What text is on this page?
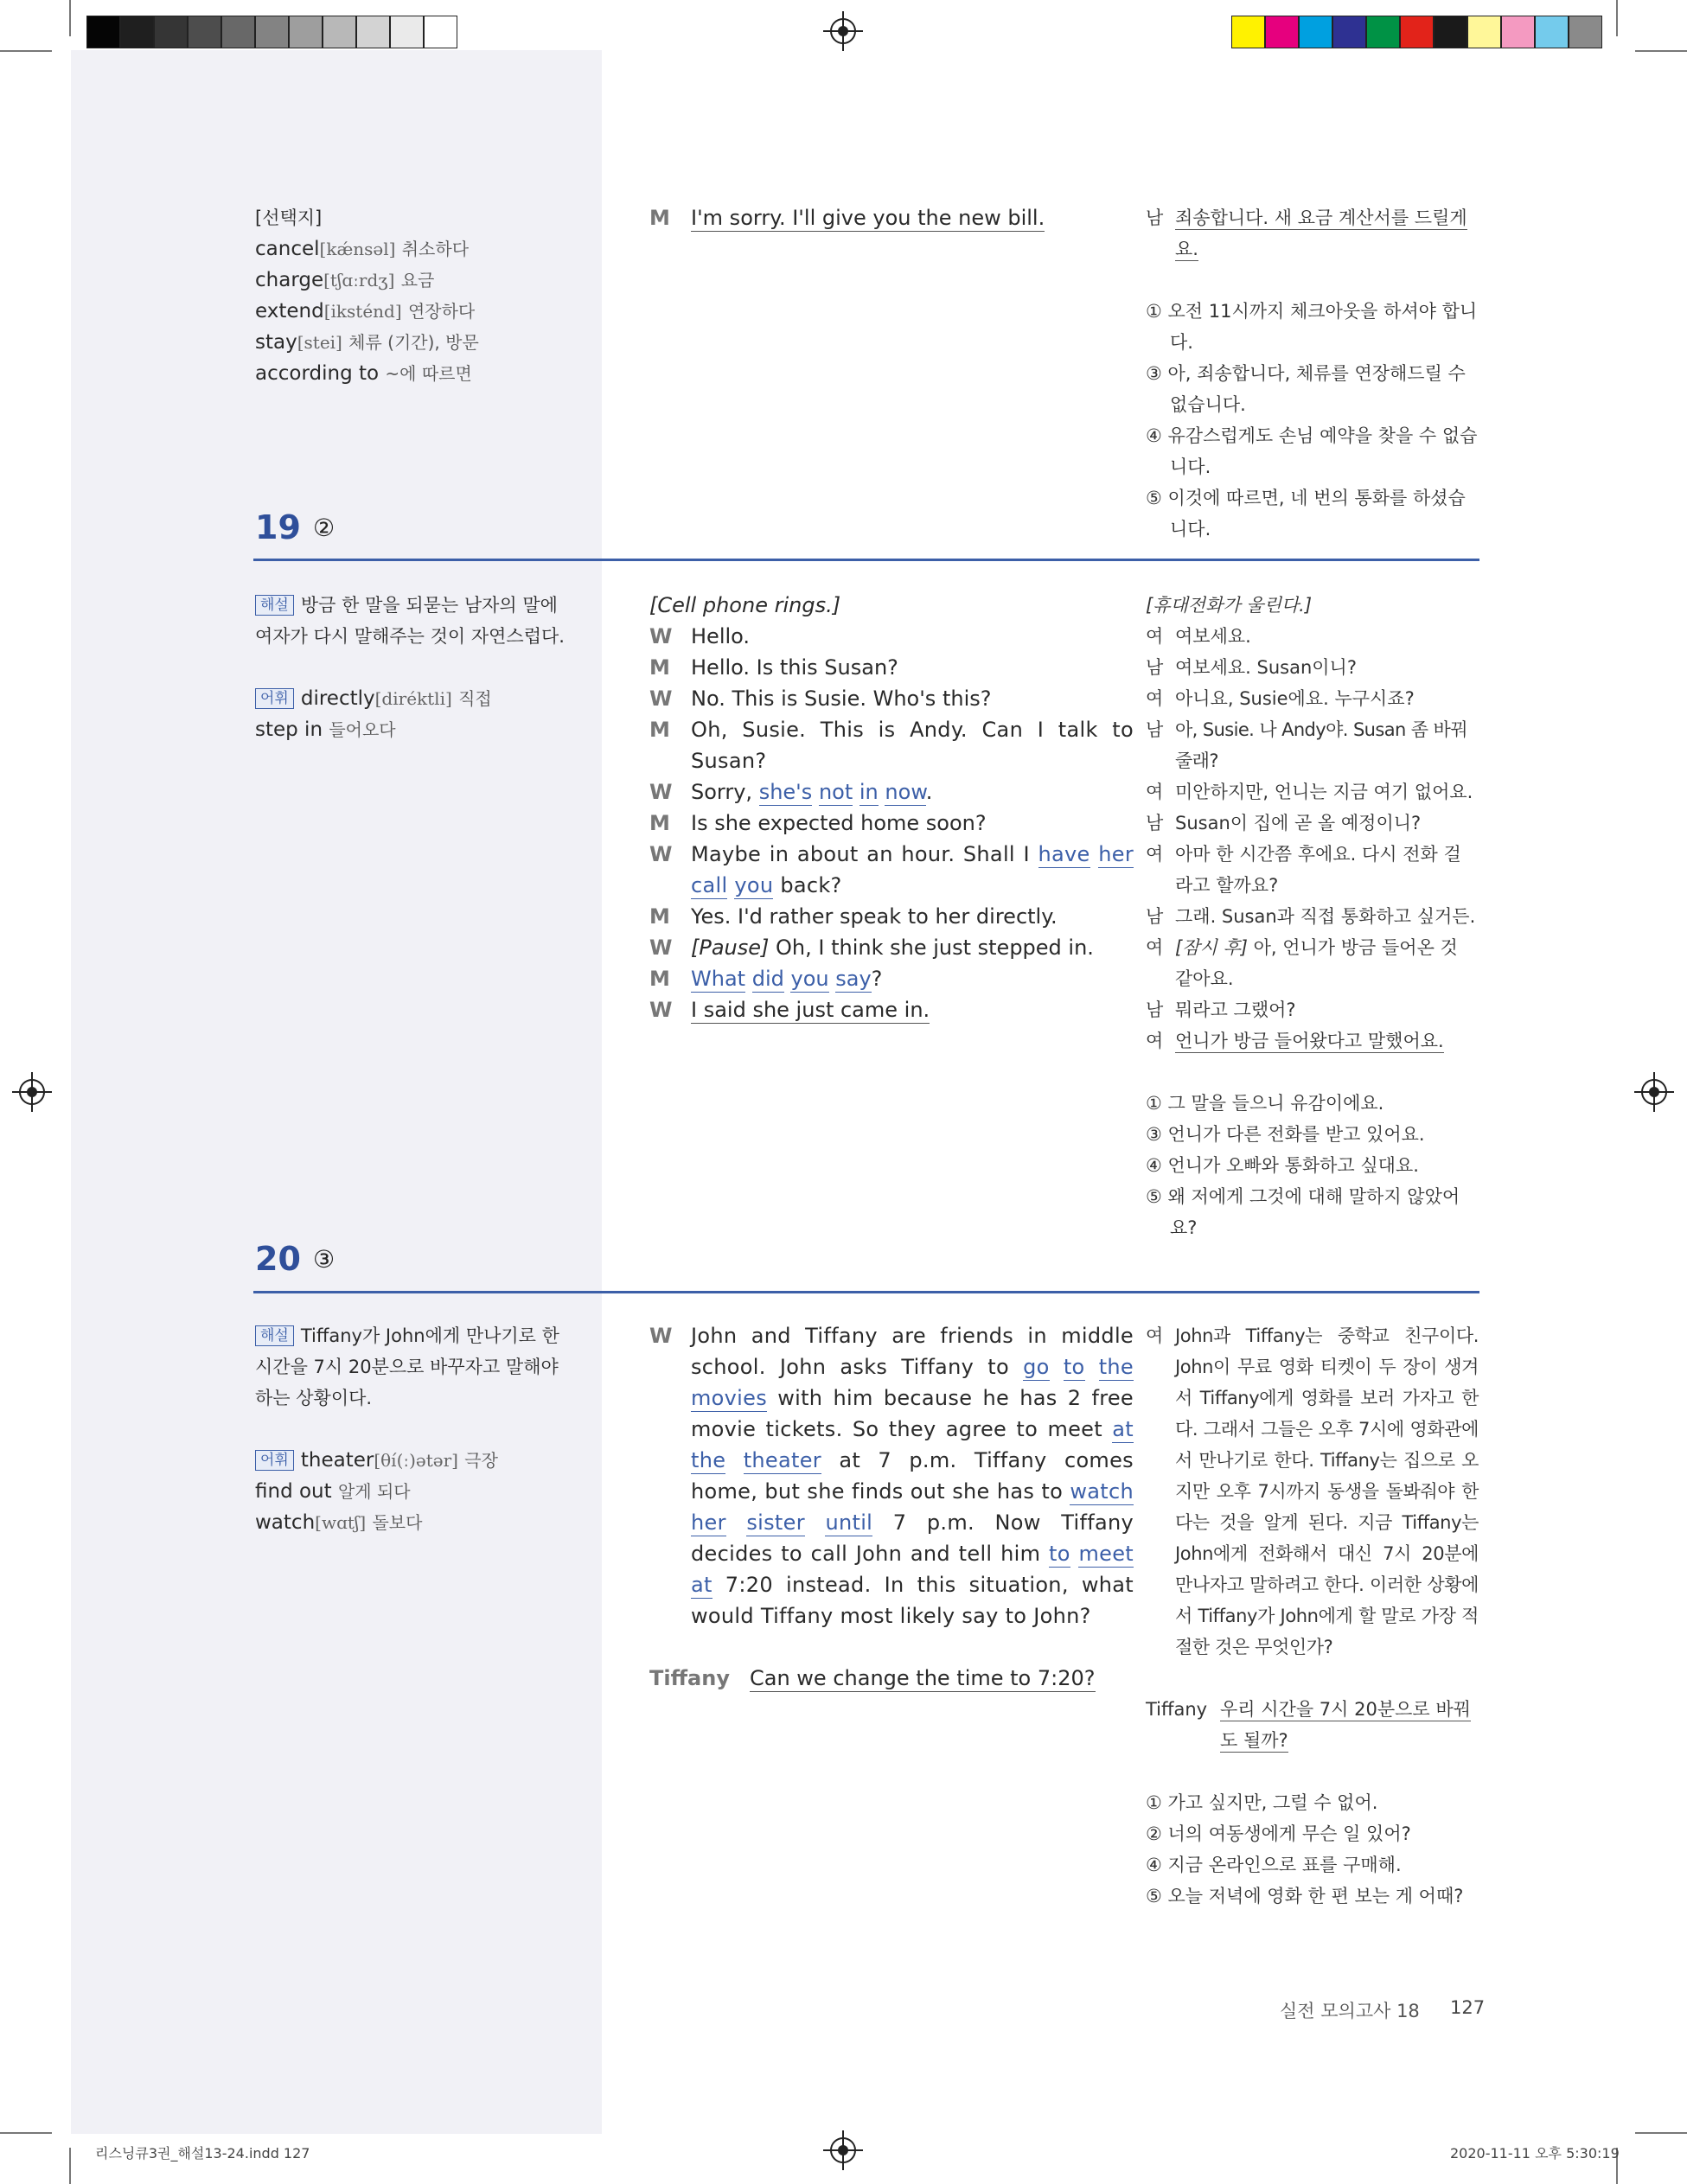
[선택지]
cancel[kǽnsəl] 취소하다
charge[tʃɑːrdʒ] 요금
extend[iksténd] 연장하다
stay[stei] 체류 (기간), 방문
according to ~에 따르면
M I'm sorry. I'll give you the new bill.	남 죄송합니다. 새 요금 계산서를 드릴게요.
① 오전 11시까지 체크아웃을 하셔야 합니다.
③ 아, 죄송합니다, 체류를 연장해드릴 수 없습니다.
④ 유감스럽게도 손님 예약을 찾을 수 없습니다.
⑤ 이것에 따르면, 네 번의 통화를 하셨습니다.
19 ②
해설 방금 한 말을 되묻는 남자의 말에
여자가 다시 말해주는 것이 자연스럽다.
어휘 directly[diréktli] 직접
step in 들어오다
[Cell phone rings.]
W Hello.
M Hello. Is this Susan?
W No. This is Susie. Who's this?
M Oh, Susie. This is Andy. Can I talk to Susan?
W Sorry, she's not in now.
M Is she expected home soon?
W Maybe in about an hour. Shall I have her call you back?
M Yes. I'd rather speak to her directly.
W [Pause] Oh, I think she just stepped in.
M What did you say?
W I said she just came in.
[휴대전화가 울린다.]
여 여보세요.
남 여보세요. Susan이니?
여 아니요, Susie에요. 누구시죠?
남 아, Susie. 나 Andy야. Susan 좀 바꿔줄래?
여 미안하지만, 언니는 지금 여기 없어요.
남 Susan이 집에 곧 올 예정이니?
여 아마 한 시간쯤 후에요. 다시 전화 걸라고 할까요?
남 그래. Susan과 직접 통화하고 싶거든.
여 [잠시 후] 아, 언니가 방금 들어온 것 같아요.
남 뭐라고 그랬어?
여 언니가 방금 들어왔다고 말했어요.
① 그 말을 들으니 유감이에요.
③ 언니가 다른 전화를 받고 있어요.
④ 언니가 오빠와 통화하고 싶대요.
⑤ 왜 저에게 그것에 대해 말하지 않았어요?
20 ③
해설 Tiffany가 John에게 만나기로 한
시간을 7시 20분으로 바꾸자고 말해야
하는 상황이다.
어휘 theater[θí(ː)ətər] 극장
find out 알게 되다
watch[wɑtʃ] 돌보다
W John and Tiffany are friends in middle school. John asks Tiffany to go to the movies with him because he has 2 free movie tickets. So they agree to meet at the theater at 7 p.m. Tiffany comes home, but she finds out she has to watch her sister until 7 p.m. Now Tiffany decides to call John and tell him to meet at 7:20 instead. In this situation, what would Tiffany most likely say to John?
Tiffany Can we change the time to 7:20?
여 John과 Tiffany는 중학교 친구이다. John이 무료 영화 티켓이 두 장이 생겨서 Tiffany에게 영화를 보러 가자고 한다. 그래서 그들은 오후 7시에 영화관에서 만나기로 한다. Tiffany는 집으로 오지만 오후 7시까지 동생을 돌봐줘야 한다는 것을 알게 된다. 지금 Tiffany는 John에게 전화해서 대신 7시 20분에 만나자고 말하려고 한다. 이러한 상황에서 Tiffany가 John에게 할 말로 가장 적절한 것은 무엇인가?
Tiffany 우리 시간을 7시 20분으로 바꿔도 될까?
① 가고 싶지만, 그럴 수 없어.
② 너의 여동생에게 무슨 일 있어?
④ 지금 온라인으로 표를 구매해.
⑤ 오늘 저녁에 영화 한 편 보는 게 어때?
실전 모의고사 18 127
리스닝큐3권_해설13-24.indd 127	2020-11-11 오후 5:30:19
